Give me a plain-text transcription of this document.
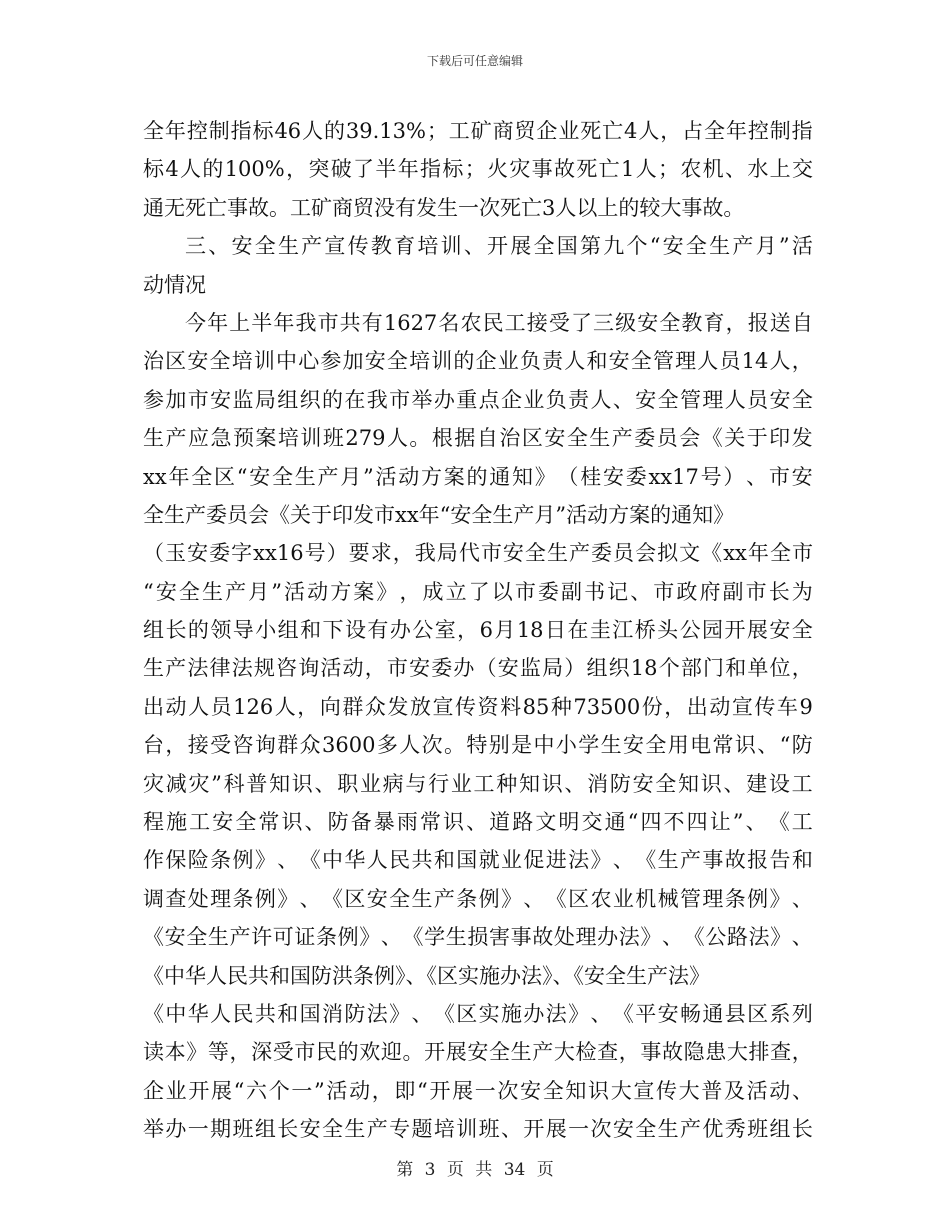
下载后可任意编辑
全 年 控 制 指 标 46 人 的 39.13% ； 工 矿 商 贸 企 业 死 亡 4 人 ， 占 全 年 控 制 指
标 4 人 的 100% ， 突 破 了 半 年 指 标 ； 火 灾 事 故 死 亡 1 人 ； 农 机 、 水 上 交
通无死亡事故。工矿商贸没有发生一次死亡3人以上的较大事故。
三 、 安 全 生 产 宣 传 教 育 培 训 、 开 展 全 国 第 九 个 “ 安 全 生 产 月 ” 活
动情况
今 年 上 半 年 我 市 共 有 1627 名 农 民 工 接 受 了 三 级 安 全 教 育 ， 报 送 自
治 区 安 全 培 训 中 心 参 加 安 全 培 训 的 企 业 负 责 人 和 安 全 管 理 人 员 14 人 ，
参 加 市 安 监 局 组 织 的 在 我 市 举 办 重 点 企 业 负 责 人 、 安 全 管 理 人 员 安 全
生 产 应 急 预 案 培 训 班 279 人 。 根 据 自 治 区 安 全 生 产 委 员 会 《 关 于 印 发
xx 年 全 区 “ 安 全 生 产 月 ” 活 动 方 案 的 通 知 》 （ 桂 安 委 xx17 号 ） 、 市 安
全生产委员会《关于印发市xx年“安全生产月”活动方案的通知》
（ 玉 安 委 字 xx16 号 ） 要 求 ， 我 局 代 市 安 全 生 产 委 员 会 拟 文 《 xx 年 全 市
“ 安 全 生 产 月 ” 活 动 方 案 》 ， 成 立 了 以 市 委 副 书 记 、 市 政 府 副 市 长 为
组 长 的 领 导 小 组 和 下 设 有 办 公 室 ， 6 月 18 日 在 圭 江 桥 头 公 园 开 展 安 全
生 产 法 律 法 规 咨 询 活 动 ， 市 安 委 办 （ 安 监 局 ） 组 织 18 个 部 门 和 单 位 ，
出 动 人 员 126 人 ， 向 群 众 发 放 宣 传 资 料 85 种 73500 份 ， 出 动 宣 传 车 9
台 ， 接 受 咨 询 群 众 3600 多 人 次 。 特 别 是 中 小 学 生 安 全 用 电 常 识 、 “ 防
灾 减 灾 ” 科 普 知 识 、 职 业 病 与 行 业 工 种 知 识 、 消 防 安 全 知 识 、 建 设 工
程 施 工 安 全 常 识 、 防 备 暴 雨 常 识 、 道 路 文 明 交 通 “ 四 不 四 让 ” 、 《 工
作 保 险 条 例 》 、 《 中 华 人 民 共 和 国 就 业 促 进 法 》 、 《 生 产 事 故 报 告 和
调 查 处 理 条 例 》 、 《 区 安 全 生 产 条 例 》 、 《 区 农 业 机 械 管 理 条 例 》 、
《 安 全 生 产 许 可 证 条 例 》 、 《 学 生 损 害 事 故 处 理 办 法 》 、 《 公 路 法 》 、
《中华人民共和国防洪条例》、《区实施办法》、《安全生产法》
《 中 华 人 民 共 和 国 消 防 法 》 、 《 区 实 施 办 法 》 、 《 平 安 畅 通 县 区 系 列
读 本 》 等 ， 深 受 市 民 的 欢 迎 。 开 展 安 全 生 产 大 检 查 ， 事 故 隐 患 大 排 查 ，
企 业 开 展 “ 六 个 一 ” 活 动 ， 即 “ 开 展 一 次 安 全 知 识 大 宣 传 大 普 及 活 动 、
举 办 一 期 班 组 长 安 全 生 产 专 题 培 训 班 、 开 展 一 次 安 全 生 产 优 秀 班 组 长
第 3 页 共 34 页
